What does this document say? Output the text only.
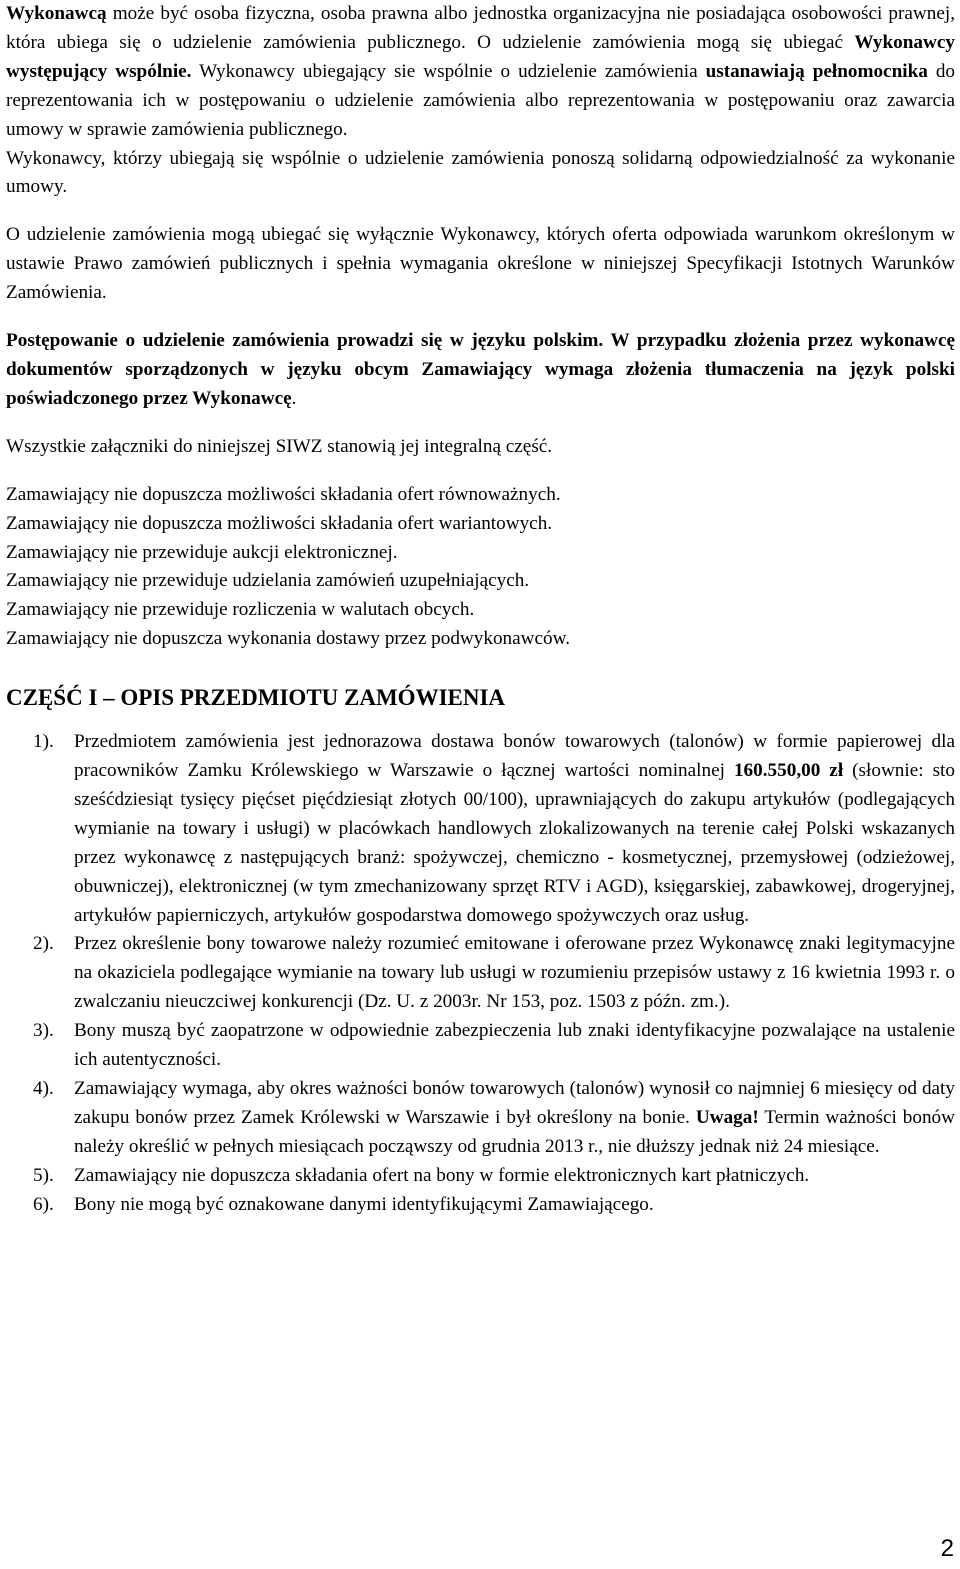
Wykonawcą może być osoba fizyczna, osoba prawna albo jednostka organizacyjna nie posiadająca osobowości prawnej, która ubiega się o udzielenie zamówienia publicznego. O udzielenie zamówienia mogą się ubiegać Wykonawcy występujący wspólnie. Wykonawcy ubiegający sie wspólnie o udzielenie zamówienia ustanawiają pełnomocnika do reprezentowania ich w postępowaniu o udzielenie zamówienia albo reprezentowania w postępowaniu oraz zawarcia umowy w sprawie zamówienia publicznego.

Wykonawcy, którzy ubiegają się wspólnie o udzielenie zamówienia ponoszą solidarną odpowiedzialność za wykonanie umowy.

O udzielenie zamówienia mogą ubiegać się wyłącznie Wykonawcy, których oferta odpowiada warunkom określonym w ustawie Prawo zamówień publicznych i spełnia wymagania określone w niniejszej Specyfikacji Istotnych Warunków Zamówienia.

Postępowanie o udzielenie zamówienia prowadzi się w języku polskim. W przypadku złożenia przez wykonawcę dokumentów sporządzonych w języku obcym Zamawiający wymaga złożenia tłumaczenia na język polski poświadczonego przez Wykonawcę.

Wszystkie załączniki do niniejszej SIWZ stanowią jej integralną część.

Zamawiający nie dopuszcza możliwości składania ofert równoważnych.

Zamawiający nie dopuszcza możliwości składania ofert wariantowych.

Zamawiający nie przewiduje aukcji elektronicznej.

Zamawiający nie przewiduje udzielania zamówień uzupełniających.

Zamawiający nie przewiduje rozliczenia w walutach obcych.

Zamawiający nie dopuszcza wykonania dostawy przez podwykonawców.

CZĘŚĆ I – OPIS PRZEDMIOTU ZAMÓWIENIA
1). Przedmiotem zamówienia jest jednorazowa dostawa bonów towarowych (talonów) w formie papierowej dla pracowników Zamku Królewskiego w Warszawie o łącznej wartości nominalnej 160.550,00 zł (słownie: sto sześćdziesiąt tysięcy pięćset pięćdziesiąt złotych 00/100), uprawniających do zakupu artykułów (podlegających wymianie na towary i usługi) w placówkach handlowych zlokalizowanych na terenie całej Polski wskazanych przez wykonawcę z następujących branż: spożywczej, chemiczno - kosmetycznej, przemysłowej (odzieżowej, obuwniczej), elektronicznej (w tym zmechanizowany sprzęt RTV i AGD), księgarskiej, zabawkowej, drogeryjnej, artykułów papierniczych, artykułów gospodarstwa domowego spożywczych oraz usług.
2). Przez określenie bony towarowe należy rozumieć emitowane i oferowane przez Wykonawcę znaki legitymacyjne na okaziciela podlegające wymianie na towary lub usługi w rozumieniu przepisów ustawy z 16 kwietnia 1993 r. o zwalczaniu nieuczciwej konkurencji (Dz. U. z 2003r. Nr 153, poz. 1503 z późn. zm.).
3). Bony muszą być zaopatrzone w odpowiednie zabezpieczenia lub znaki identyfikacyjne pozwalające na ustalenie ich autentyczności.
4). Zamawiający wymaga, aby okres ważności bonów towarowych (talonów) wynosił co najmniej 6 miesięcy od daty zakupu bonów przez Zamek Królewski w Warszawie i był określony na bonie. Uwaga! Termin ważności bonów należy określić w pełnych miesiącach począwszy od grudnia 2013 r., nie dłuższy jednak niż 24 miesiące.
5). Zamawiający nie dopuszcza składania ofert na bony w formie elektronicznych kart płatniczych.
6). Bony nie mogą być oznakowane danymi identyfikującymi Zamawiającego.
2
